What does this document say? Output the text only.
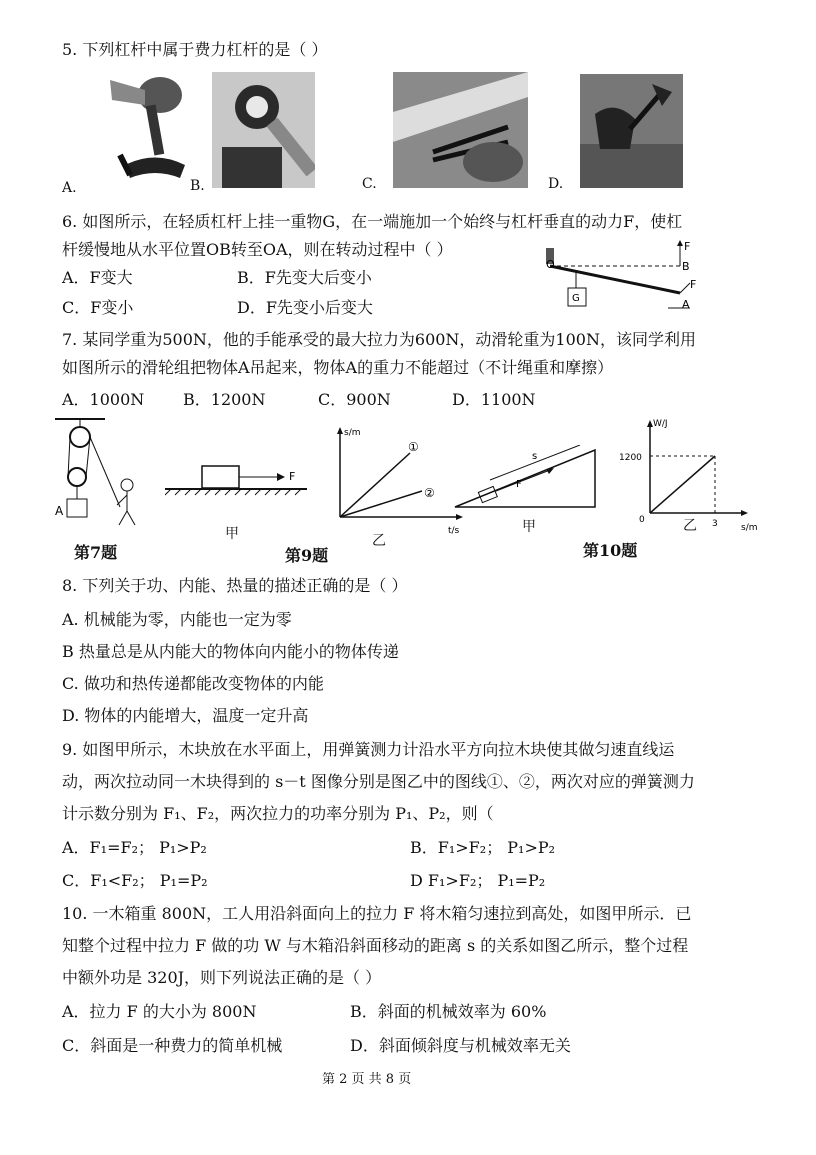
5. 下列杠杆中属于费力杠杆的是（ ）
A.	B.	C.	D.
6. 如图所示，在轻质杠杆上挂一重物G，在一端施加一个始终与杠杆垂直的动力F，使杠
杆缓慢地从水平位置OB转至OA，则在转动过程中（ ）
A．F变大	B．F先变大后变小
C．F变小	D．F先变小后变大
O	B
A
F
F
G
7. 某同学重为500N，他的手能承受的最大拉力为600N，动滑轮重为100N，该同学利用
如图所示的滑轮组把物体A吊起来，物体A的重力不能超过（不计绳重和摩擦）
A．1000N B．1200N	C．900N	D．1100N
A
第7题
F
甲
第9题
s/m
t/s
①
②
乙
F
s
甲
第10题
W/J
s/m
1200
3
0	乙
8. 下列关于功、内能、热量的描述正确的是（ ）
A. 机械能为零，内能也一定为零
B 热量总是从内能大的物体向内能小的物体传递
C. 做功和热传递都能改变物体的内能
D. 物体的内能增大，温度一定升高
9. 如图甲所示，木块放在水平面上，用弹簧测力计沿水平方向拉木块使其做匀速直线运
动，两次拉动同一木块得到的 s－t 图像分别是图乙中的图线①、②，两次对应的弹簧测力
计示数分别为 F₁、F₂，两次拉力的功率分别为 P₁、P₂，则（
A．F₁=F₂； P₁>P₂	B．F₁>F₂； P₁>P₂
C．F₁<F₂； P₁=P₂	D F₁>F₂； P₁=P₂
10. 一木箱重 800N，工人用沿斜面向上的拉力 F 将木箱匀速拉到高处，如图甲所示．已
知整个过程中拉力 F 做的功 W 与木箱沿斜面移动的距离 s 的关系如图乙所示，整个过程
中额外功是 320J，则下列说法正确的是（ ）
A．拉力 F 的大小为 800N	B．斜面的机械效率为 60%
C．斜面是一种费力的简单机械	D．斜面倾斜度与机械效率无关
第 2 页 共 8 页
